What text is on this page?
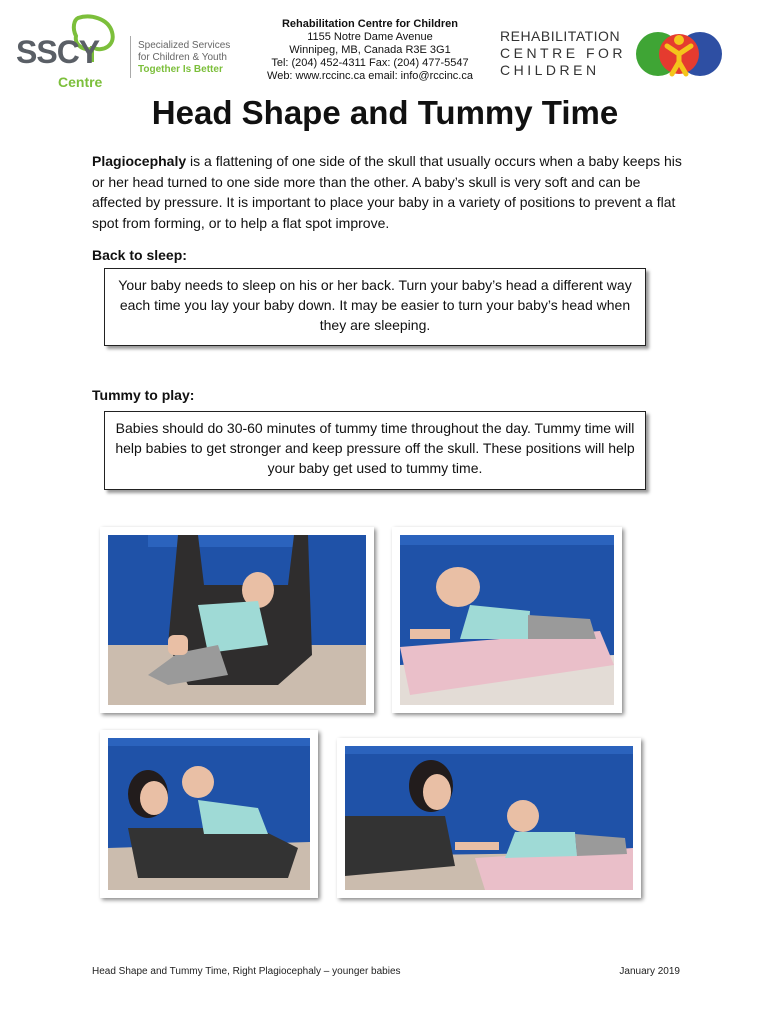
SSCY
Centre
Specialized Services
for Children & Youth
Together Is Better
Rehabilitation Centre for Children
1155 Notre Dame Avenue
Winnipeg, MB, Canada R3E 3G1
Tel: (204) 452-4311 Fax: (204) 477-5547
Web: www.rccinc.ca email: info@rccinc.ca
REHABILITATION
CENTRE FOR
CHILDREN
Head Shape and Tummy Time
Plagiocephaly is a flattening of one side of the skull that usually occurs when a baby keeps his or her head turned to one side more than the other. A baby’s skull is very soft and can be affected by pressure. It is important to place your baby in a variety of positions to prevent a flat spot from forming, or to help a flat spot improve.
Back to sleep:
Your baby needs to sleep on his or her back. Turn your baby’s head a different way each time you lay your baby down. It may be easier to turn your baby’s head when they are sleeping.
Tummy to play:
Babies should do 30-60 minutes of tummy time throughout the day. Tummy time will help babies to get stronger and keep pressure off the skull. These positions will help your baby get used to tummy time.
Head Shape and Tummy Time, Right Plagiocephaly – younger babies	January 2019
